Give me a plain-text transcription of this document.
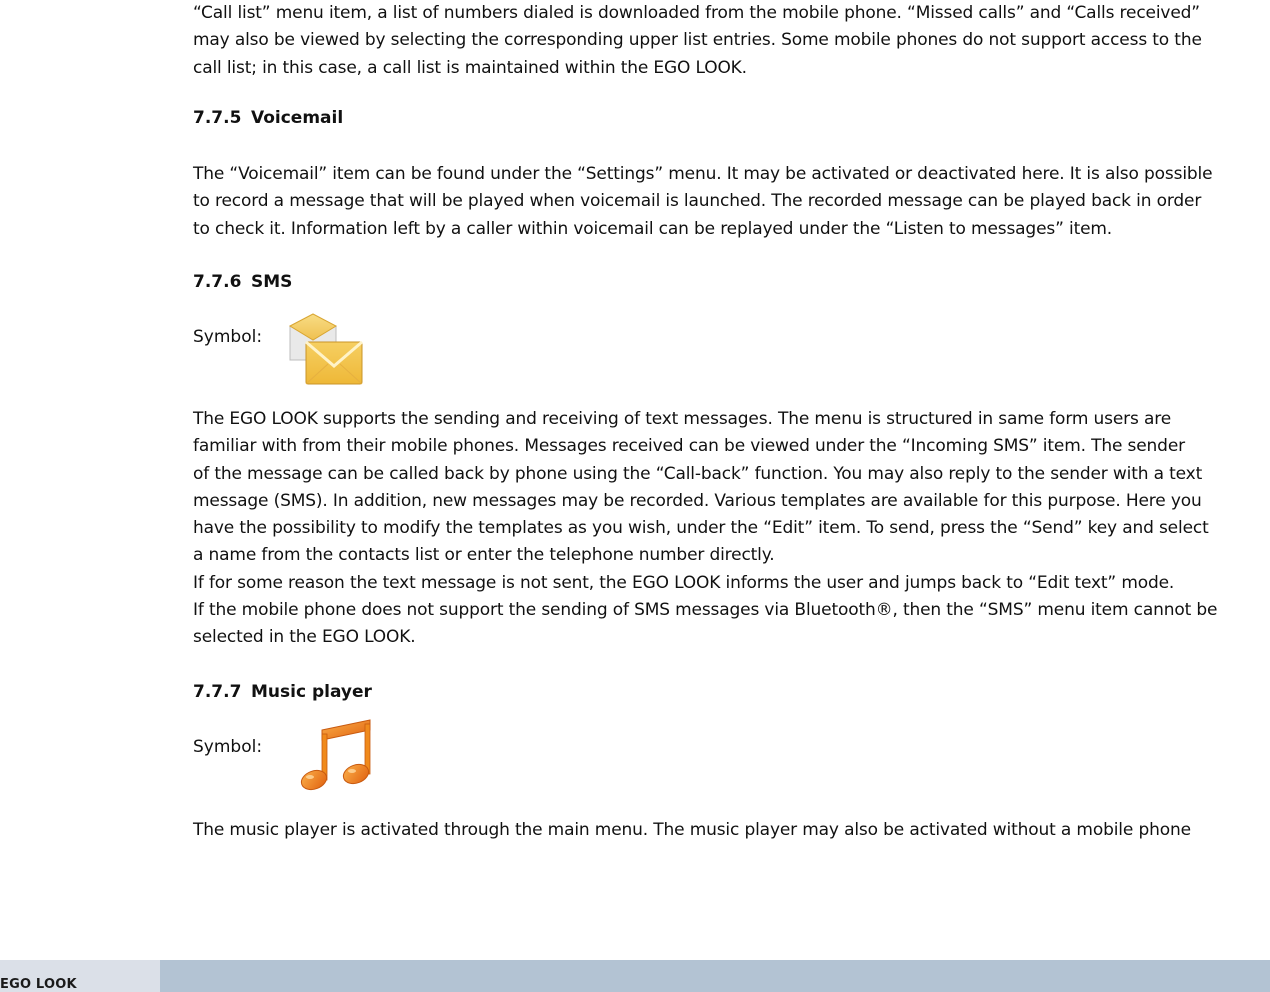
“Call list” menu item, a list of numbers dialed is downloaded from the mobile phone. “Missed calls” and “Calls received”
may also be viewed by selecting the corresponding upper list entries. Some mobile phones do not support access to the
call list; in this case, a call list is maintained within the EGO LOOK.

7.7.5 Voicemail

The “Voicemail” item can be found under the “Settings” menu. It may be activated or deactivated here. It is also possible
to record a message that will be played when voicemail is launched. The recorded message can be played back in order
to check it. Information left by a caller within voicemail can be replayed under the “Listen to messages” item.

7.7.6 SMS
Symbol:

The EGO LOOK supports the sending and receiving of text messages. The menu is structured in same form users are
familiar with from their mobile phones. Messages received can be viewed under the “Incoming SMS” item. The sender
of the message can be called back by phone using the “Call-back” function. You may also reply to the sender with a text
message (SMS). In addition, new messages may be recorded. Various templates are available for this purpose. Here you
have the possibility to modify the templates as you wish, under the “Edit” item. To send, press the “Send” key and select
a name from the contacts list or enter the telephone number directly.
If for some reason the text message is not sent, the EGO LOOK informs the user and jumps back to “Edit text” mode.
If the mobile phone does not support the sending of SMS messages via Bluetooth®, then the “SMS” menu item cannot be
selected in the EGO LOOK.

7.7.7 Music player
Symbol:

The music player is activated through the main menu. The music player may also be activated without a mobile phone

EGO LOOK
